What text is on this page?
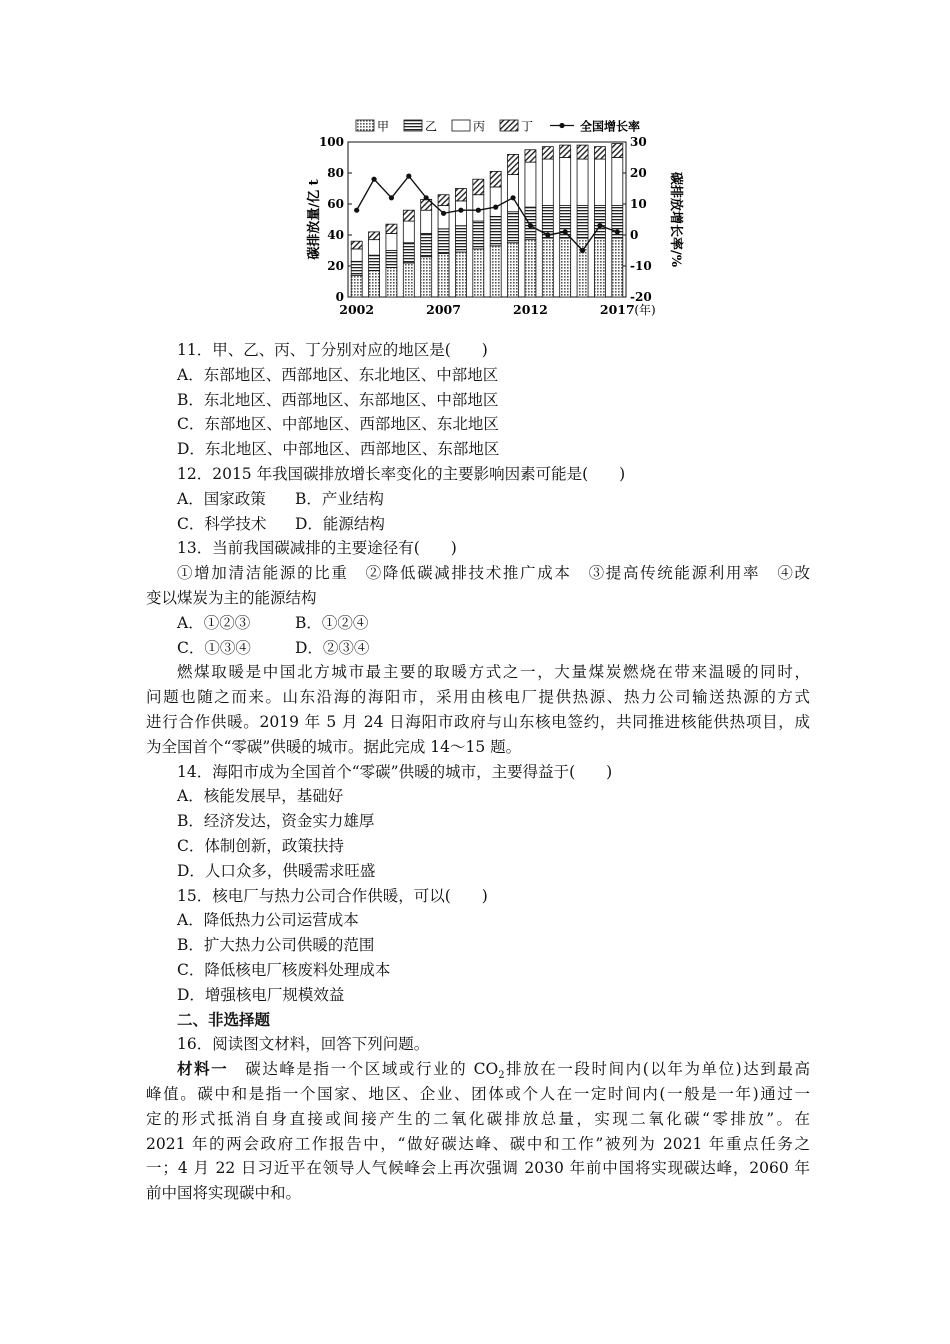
甲	乙	丙	丁	全国增长率
0
20
40
60
80
100
-20
-10
0
10
20
30
2002	2007	2012	2017 (年)
碳排放量/亿 t	碳排放增长率/%
11．甲、乙、丙、丁分别对应的地区是(　　)
A．东部地区、西部地区、东北地区、中部地区
B．东北地区、西部地区、东部地区、中部地区
C．东部地区、中部地区、西部地区、东北地区
D．东北地区、中部地区、西部地区、东部地区
12．2015 年我国碳排放增长率变化的主要影响因素可能是(　　)
A．国家政策 B．产业结构
C．科学技术 D．能源结构
13．当前我国碳减排的主要途径有(　　)
①增加清洁能源的比重　②降低碳减排技术推广成本　③提高传统能源利用率　④改
变以煤炭为主的能源结构
A．①②③	B．①②④
C．①③④	D．②③④
燃煤取暖是中国北方城市最主要的取暖方式之一，大量煤炭燃烧在带来温暖的同时，
问题也随之而来。山东沿海的海阳市，采用由核电厂提供热源、热力公司输送热源的方式
进行合作供暖。2019 年 5 月 24 日海阳市政府与山东核电签约，共同推进核能供热项目，成
为全国首个“零碳”供暖的城市。据此完成 14～15 题。
14．海阳市成为全国首个“零碳”供暖的城市，主要得益于(　　)
A．核能发展早，基础好
B．经济发达，资金实力雄厚
C．体制创新，政策扶持
D．人口众多，供暖需求旺盛
15．核电厂与热力公司合作供暖，可以(　　)
A．降低热力公司运营成本
B．扩大热力公司供暖的范围
C．降低核电厂核废料处理成本
D．增强核电厂规模效益
二、非选择题
16．阅读图文材料，回答下列问题。
材料一　碳达峰是指一个区域或行业的 $CO_2$排放在一段时间内(以年为单位)达到最高
峰值。碳中和是指一个国家、地区、企业、团体或个人在一定时间内(一般是一年)通过一
定的形式抵消自身直接或间接产生的二氧化碳排放总量，实现二氧化碳“零排放”。在
2021 年的两会政府工作报告中，“做好碳达峰、碳中和工作”被列为 2021 年重点任务之
一；4 月 22 日习近平在领导人气候峰会上再次强调 2030 年前中国将实现碳达峰，2060 年
前中国将实现碳中和。
